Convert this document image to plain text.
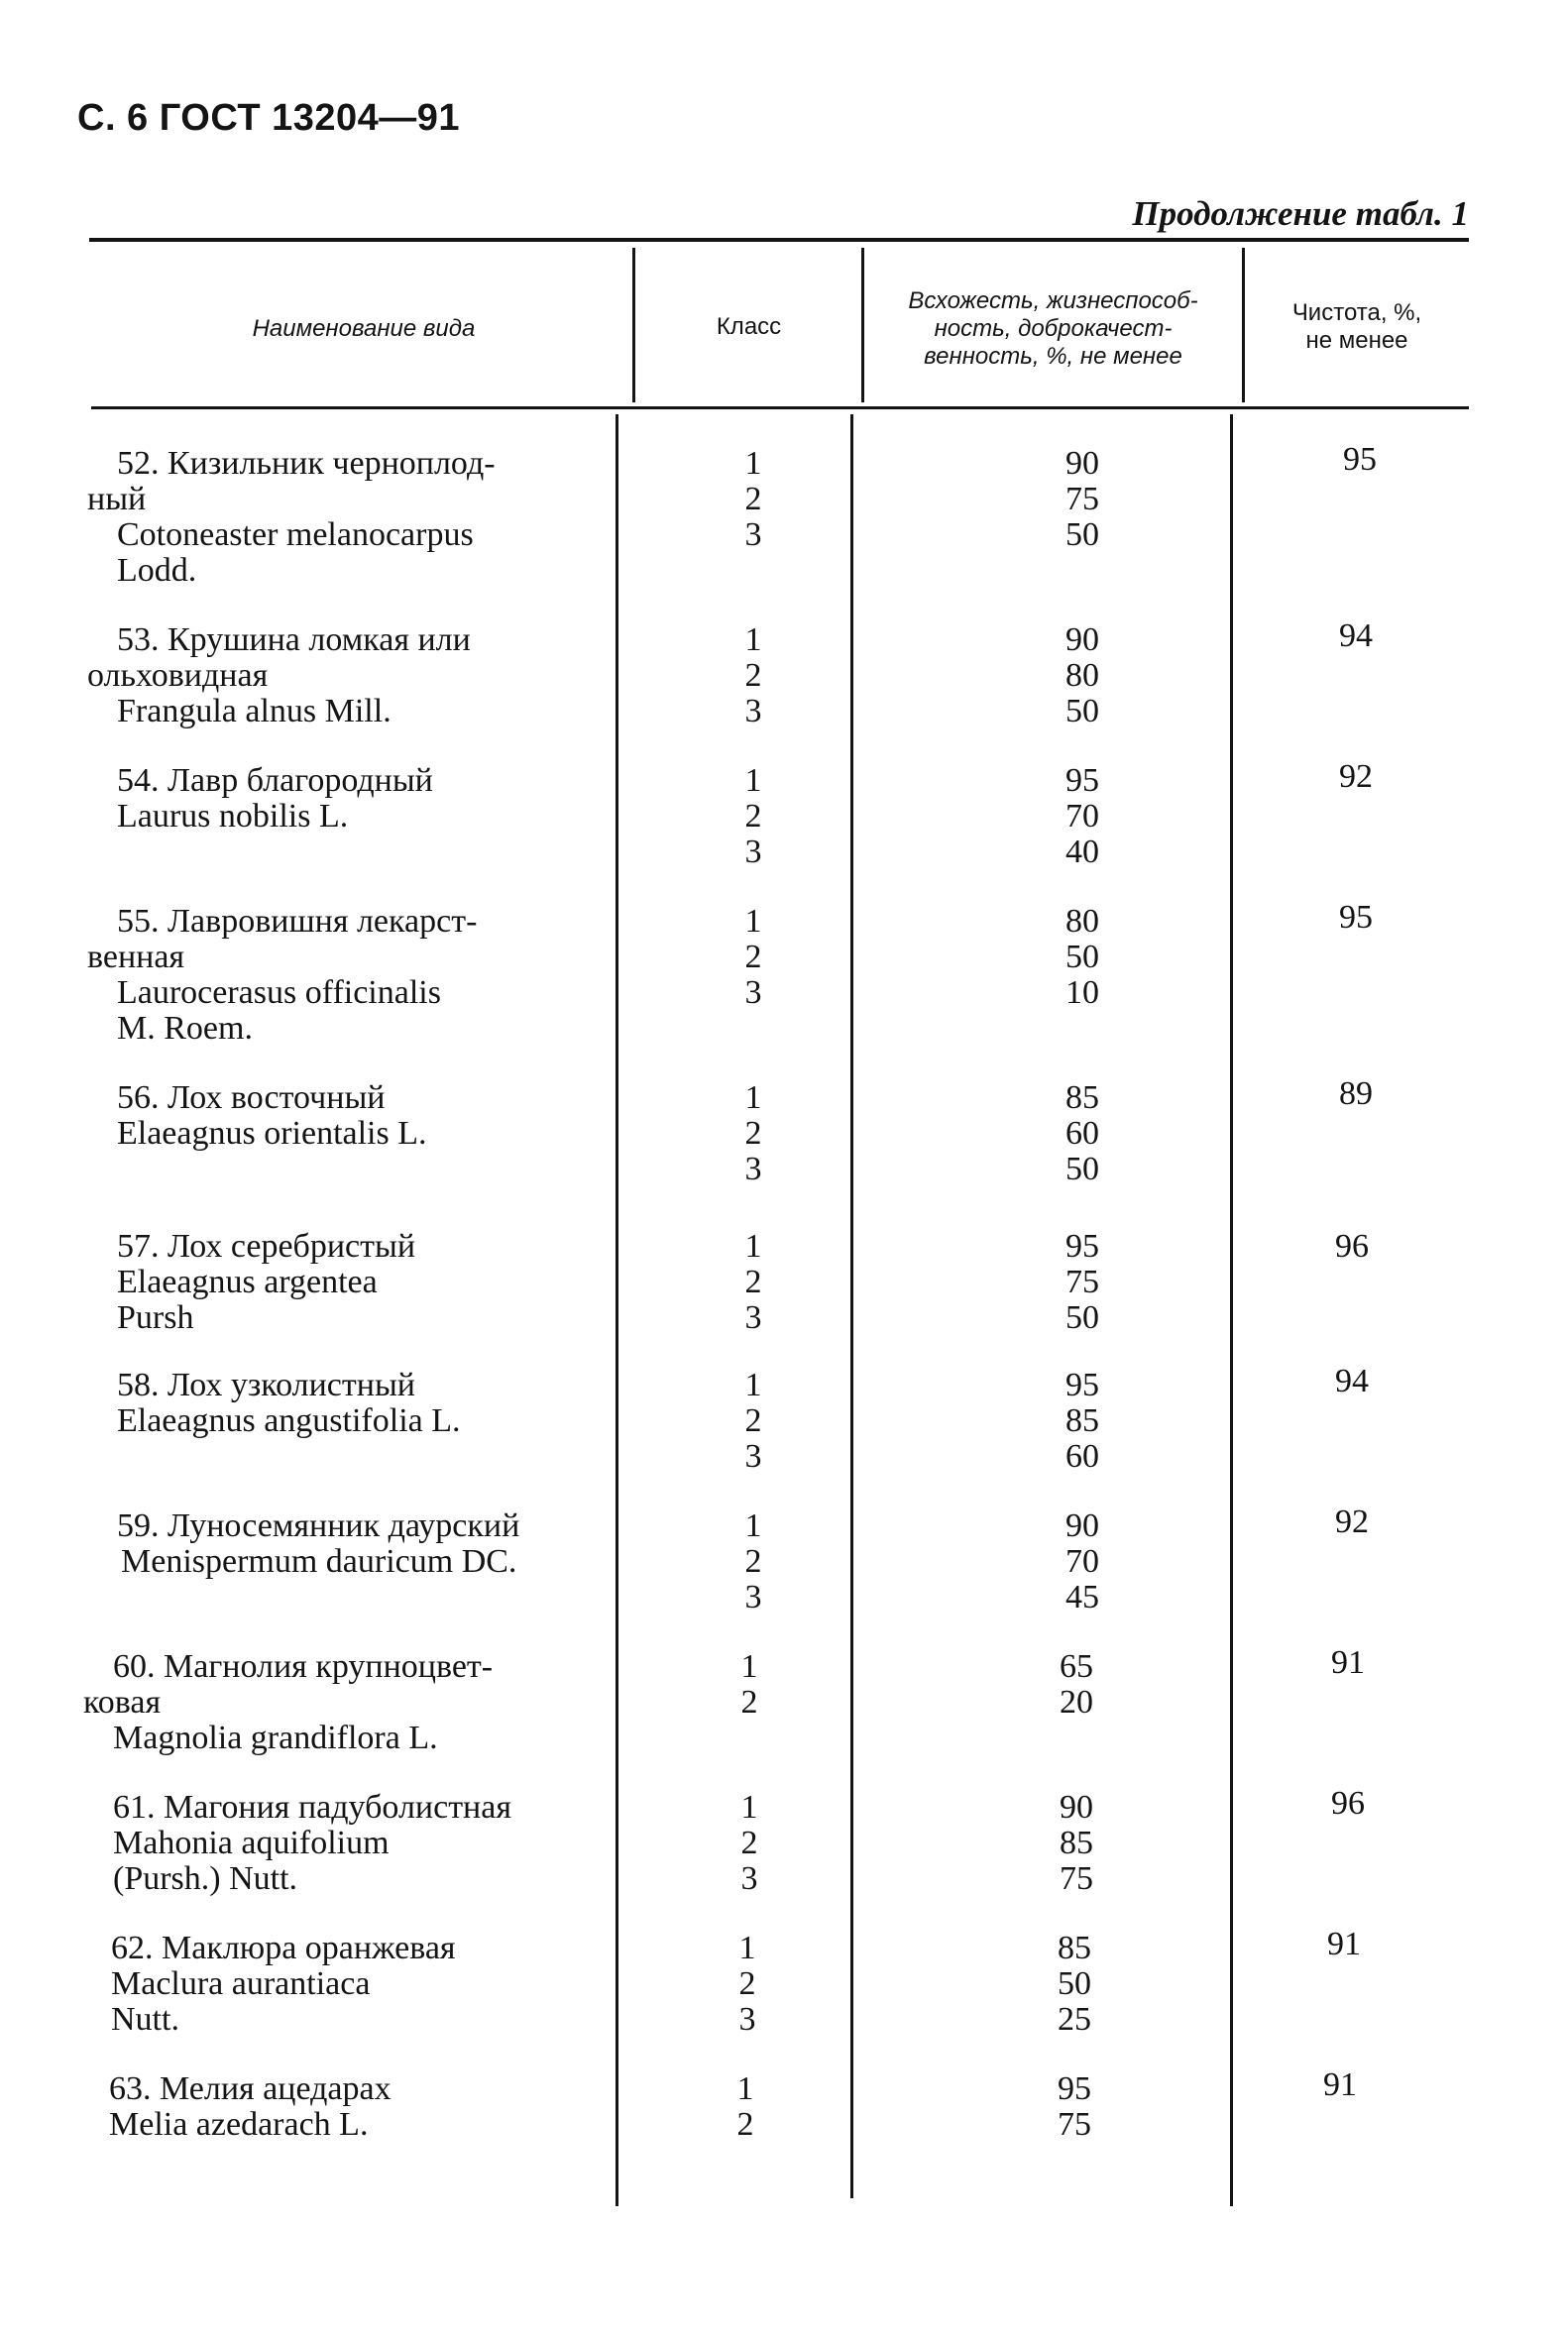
С. 6 ГОСТ 13204—91
Продолжение табл. 1
Наименование вида	Класс
Всхожесть, жизнеспособ-
ность, доброкачест-
венность, %, не менее
Чистота, %,
не менее
52. Кизильник черноплод-
ный
Cotoneaster melanocarpus
Lodd.
1
2
3
90
75
50
95
53. Крушина ломкая или
ольховидная
Frangula alnus Mill.
1
2
3
90
80
50
94
54. Лавр благородный
Laurus nobilis L.
1
2
3
95
70
40
92
55. Лавровишня лекарст-
венная
Laurocerasus officinalis
M. Roem.
1
2
3
80
50
10
95
56. Лох восточный
Elaeagnus orientalis L.
1
2
3
85
60
50
89
57. Лох серебристый
Elaeagnus argentea
Pursh
1
2
3
95
75
50
96
58. Лох узколистный
Elaeagnus angustifolia L.
1
2
3
95
85
60
94
59. Луносемянник даурский
Menispermum dauricum DC.
1
2
3
90
70
45
92
60. Магнолия крупноцвет-
ковая
Magnolia grandiflora L.
1
2
65
20
91
61. Магония падуболистная
Mahonia aquifolium
(Pursh.) Nutt.
1
2
3
90
85
75
96
62. Маклюра оранжевая
Maclura aurantiaca
Nutt.
1
2
3
85
50
25
91
63. Мелия ацедарах
Melia azedarach L.
1
2
95
75
91
